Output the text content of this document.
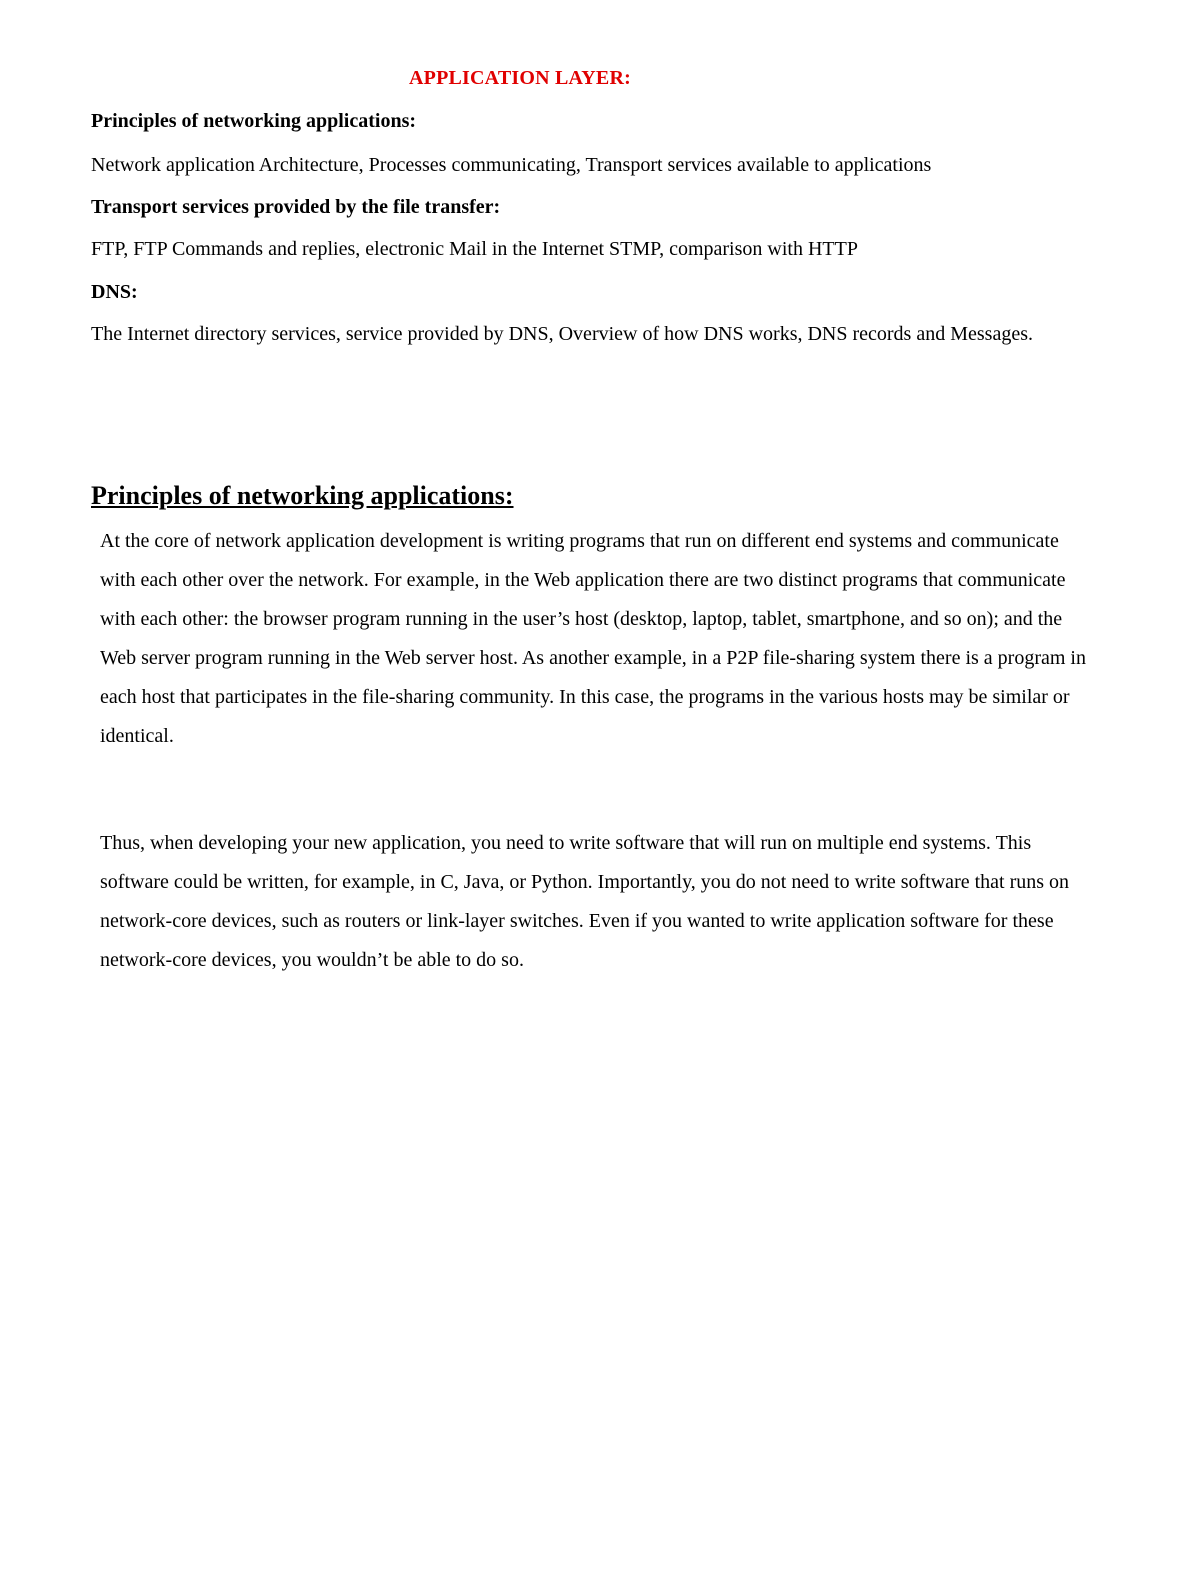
APPLICATION LAYER:
Principles of networking applications:
Network application Architecture, Processes communicating, Transport services available to applications
Transport services provided by the file transfer:
FTP, FTP Commands and replies, electronic Mail in the Internet STMP, comparison with HTTP
DNS:
The Internet directory services, service provided by DNS, Overview of how DNS works, DNS records and Messages.
Principles of networking applications:
At the core of network application development is writing programs that run on different end systems and communicate with each other over the network. For example, in the Web application there are two distinct programs that communicate with each other: the browser program running in the user’s host (desktop, laptop, tablet, smartphone, and so on); and the Web server program running in the Web server host. As another example, in a P2P file-sharing system there is a program in each host that participates in the file-sharing community. In this case, the programs in the various hosts may be similar or identical.
Thus, when developing your new application, you need to write software that will run on multiple end systems. This software could be written, for example, in C, Java, or Python. Importantly, you do not need to write software that runs on network-core devices, such as routers or link-layer switches. Even if you wanted to write application software for these network-core devices, you wouldn’t be able to do so.
